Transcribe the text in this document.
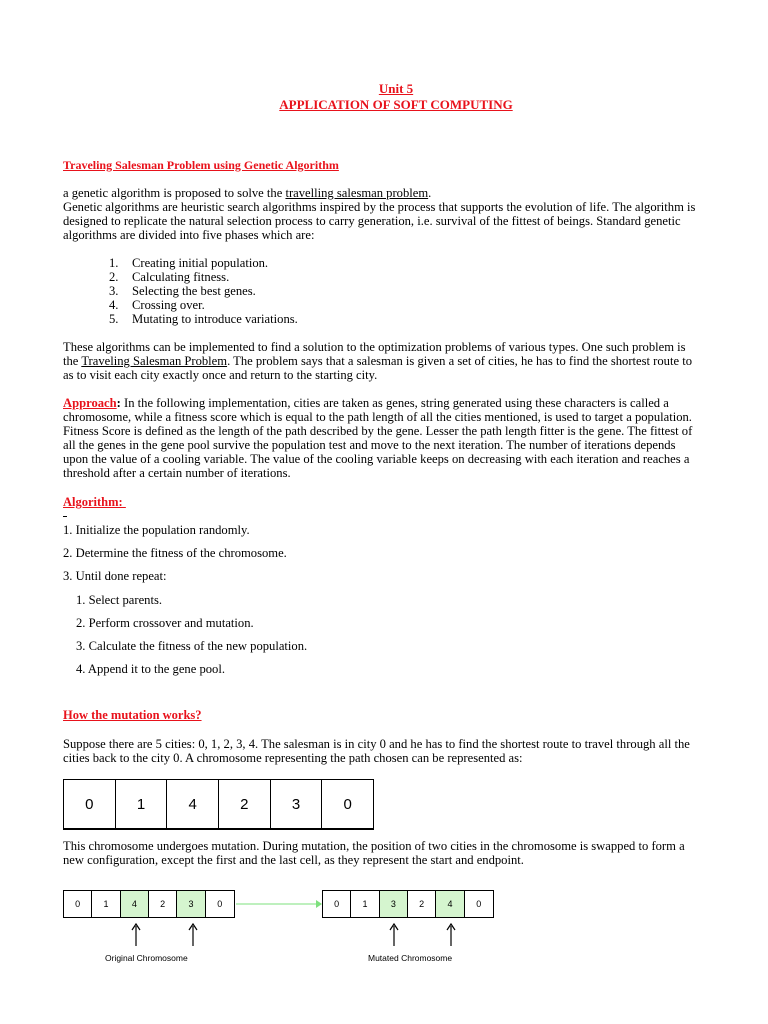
Unit 5
APPLICATION OF SOFT COMPUTING
Traveling Salesman Problem using Genetic Algorithm
a genetic algorithm is proposed to solve the travelling salesman problem.
Genetic algorithms are heuristic search algorithms inspired by the process that supports the evolution of life. The algorithm is
designed to replicate the natural selection process to carry generation, i.e. survival of the fittest of beings. Standard genetic
algorithms are divided into five phases which are:
1. Creating initial population.
2. Calculating fitness.
3. Selecting the best genes.
4. Crossing over.
5. Mutating to introduce variations.
These algorithms can be implemented to find a solution to the optimization problems of various types. One such problem is
the Traveling Salesman Problem. The problem says that a salesman is given a set of cities, he has to find the shortest route to
as to visit each city exactly once and return to the starting city.
Approach: In the following implementation, cities are taken as genes, string generated using these characters is called a
chromosome, while a fitness score which is equal to the path length of all the cities mentioned, is used to target a population.
Fitness Score is defined as the length of the path described by the gene. Lesser the path length fitter is the gene. The fittest of
all the genes in the gene pool survive the population test and move to the next iteration. The number of iterations depends
upon the value of a cooling variable. The value of the cooling variable keeps on decreasing with each iteration and reaches a
threshold after a certain number of iterations.
Algorithm:
1. Initialize the population randomly.
2. Determine the fitness of the chromosome.
3. Until done repeat:
1. Select parents.
2. Perform crossover and mutation.
3. Calculate the fitness of the new population.
4. Append it to the gene pool.
How the mutation works?
Suppose there are 5 cities: 0, 1, 2, 3, 4. The salesman is in city 0 and he has to find the shortest route to travel through all the
cities back to the city 0. A chromosome representing the path chosen can be represented as:
0	1	4	2	3	0
This chromosome undergoes mutation. During mutation, the position of two cities in the chromosome is swapped to form a
new configuration, except the first and the last cell, as they represent the start and endpoint.
0	1	4	2	3	0	0	1	3	2	4	0
Original Chromosome	Mutated Chromosome
